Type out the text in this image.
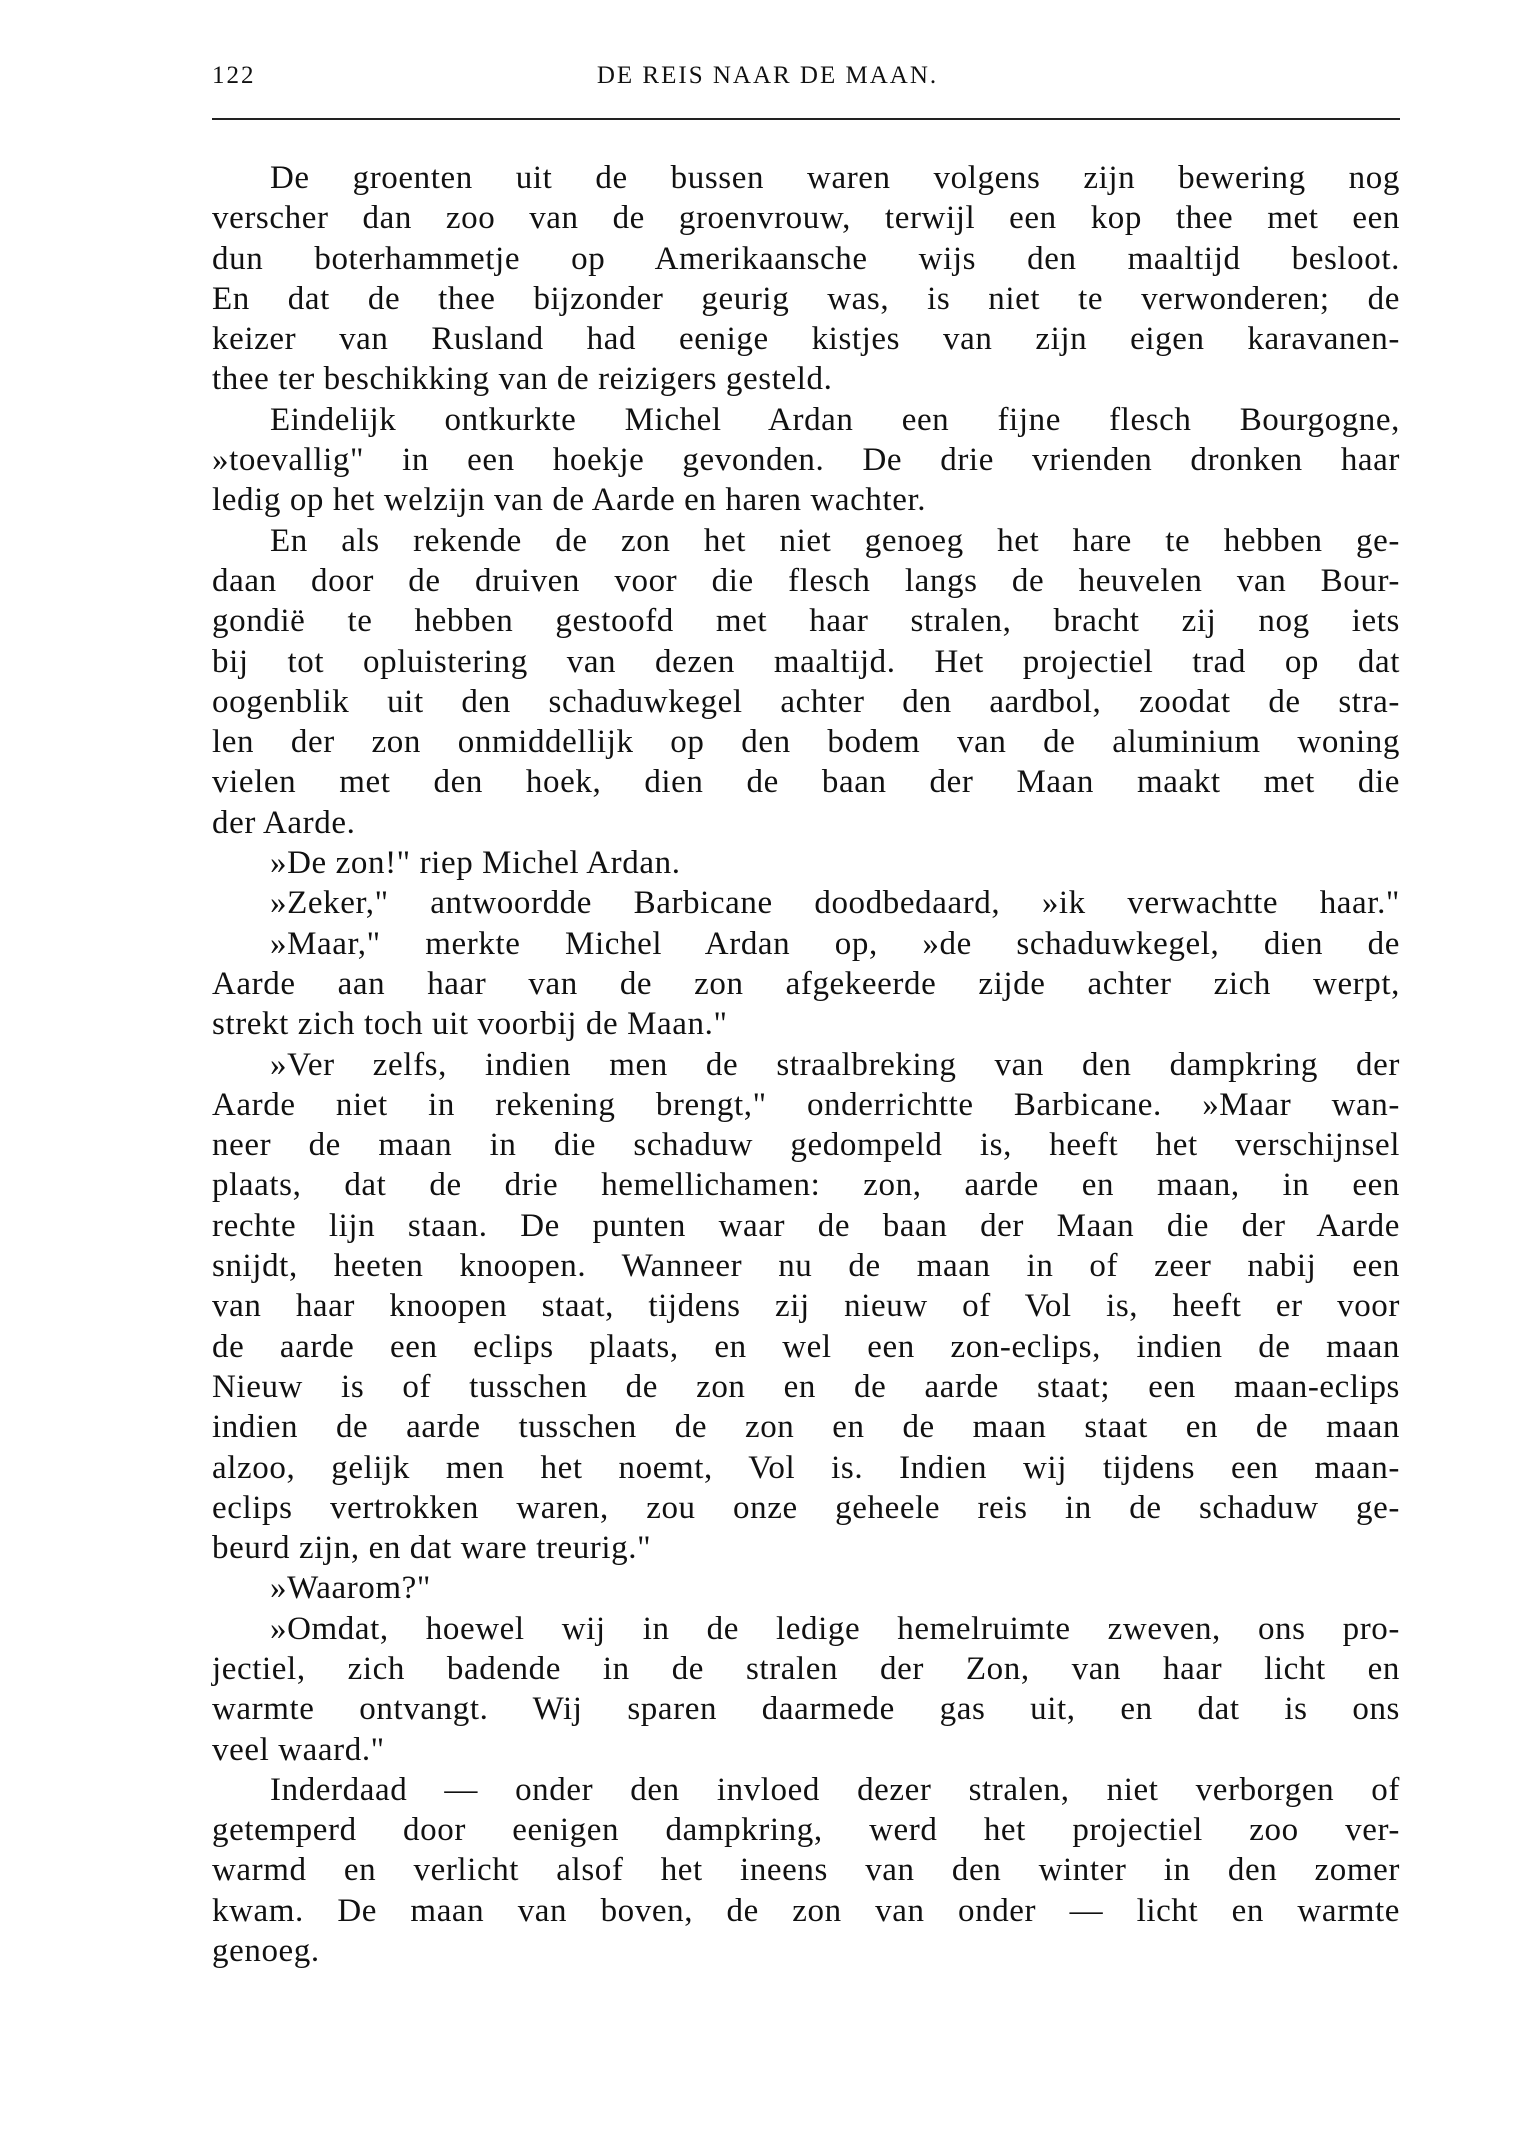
122	DE REIS NAAR DE MAAN.
De groenten uit de bussen waren volgens zijn bewering nog
verscher dan zoo van de groenvrouw, terwijl een kop thee met een
dun boterhammetje op Amerikaansche wijs den maaltijd besloot.
En dat de thee bijzonder geurig was, is niet te verwonderen; de
keizer van Rusland had eenige kistjes van zijn eigen karavanen-
thee ter beschikking van de reizigers gesteld.
Eindelijk ontkurkte Michel Ardan een fijne flesch Bourgogne,
»toevallig" in een hoekje gevonden. De drie vrienden dronken haar
ledig op het welzijn van de Aarde en haren wachter.
En als rekende de zon het niet genoeg het hare te hebben ge-
daan door de druiven voor die flesch langs de heuvelen van Bour-
gondië te hebben gestoofd met haar stralen, bracht zij nog iets
bij tot opluistering van dezen maaltijd. Het projectiel trad op dat
oogenblik uit den schaduwkegel achter den aardbol, zoodat de stra-
len der zon onmiddellijk op den bodem van de aluminium woning
vielen met den hoek, dien de baan der Maan maakt met die
der Aarde.
»De zon!" riep Michel Ardan.
»Zeker," antwoordde Barbicane doodbedaard, »ik verwachtte haar."
»Maar," merkte Michel Ardan op, »de schaduwkegel, dien de
Aarde aan haar van de zon afgekeerde zijde achter zich werpt,
strekt zich toch uit voorbij de Maan."
»Ver zelfs, indien men de straalbreking van den dampkring der
Aarde niet in rekening brengt," onderrichtte Barbicane. »Maar wan-
neer de maan in die schaduw gedompeld is, heeft het verschijnsel
plaats, dat de drie hemellichamen: zon, aarde en maan, in een
rechte lijn staan. De punten waar de baan der Maan die der Aarde
snijdt, heeten knoopen. Wanneer nu de maan in of zeer nabij een
van haar knoopen staat, tijdens zij nieuw of Vol is, heeft er voor
de aarde een eclips plaats, en wel een zon-eclips, indien de maan
Nieuw is of tusschen de zon en de aarde staat; een maan-eclips
indien de aarde tusschen de zon en de maan staat en de maan
alzoo, gelijk men het noemt, Vol is. Indien wij tijdens een maan-
eclips vertrokken waren, zou onze geheele reis in de schaduw ge-
beurd zijn, en dat ware treurig."
»Waarom?"
»Omdat, hoewel wij in de ledige hemelruimte zweven, ons pro-
jectiel, zich badende in de stralen der Zon, van haar licht en
warmte ontvangt. Wij sparen daarmede gas uit, en dat is ons
veel waard."
Inderdaad — onder den invloed dezer stralen, niet verborgen of
getemperd door eenigen dampkring, werd het projectiel zoo ver-
warmd en verlicht alsof het ineens van den winter in den zomer
kwam. De maan van boven, de zon van onder — licht en warmte
genoeg.
